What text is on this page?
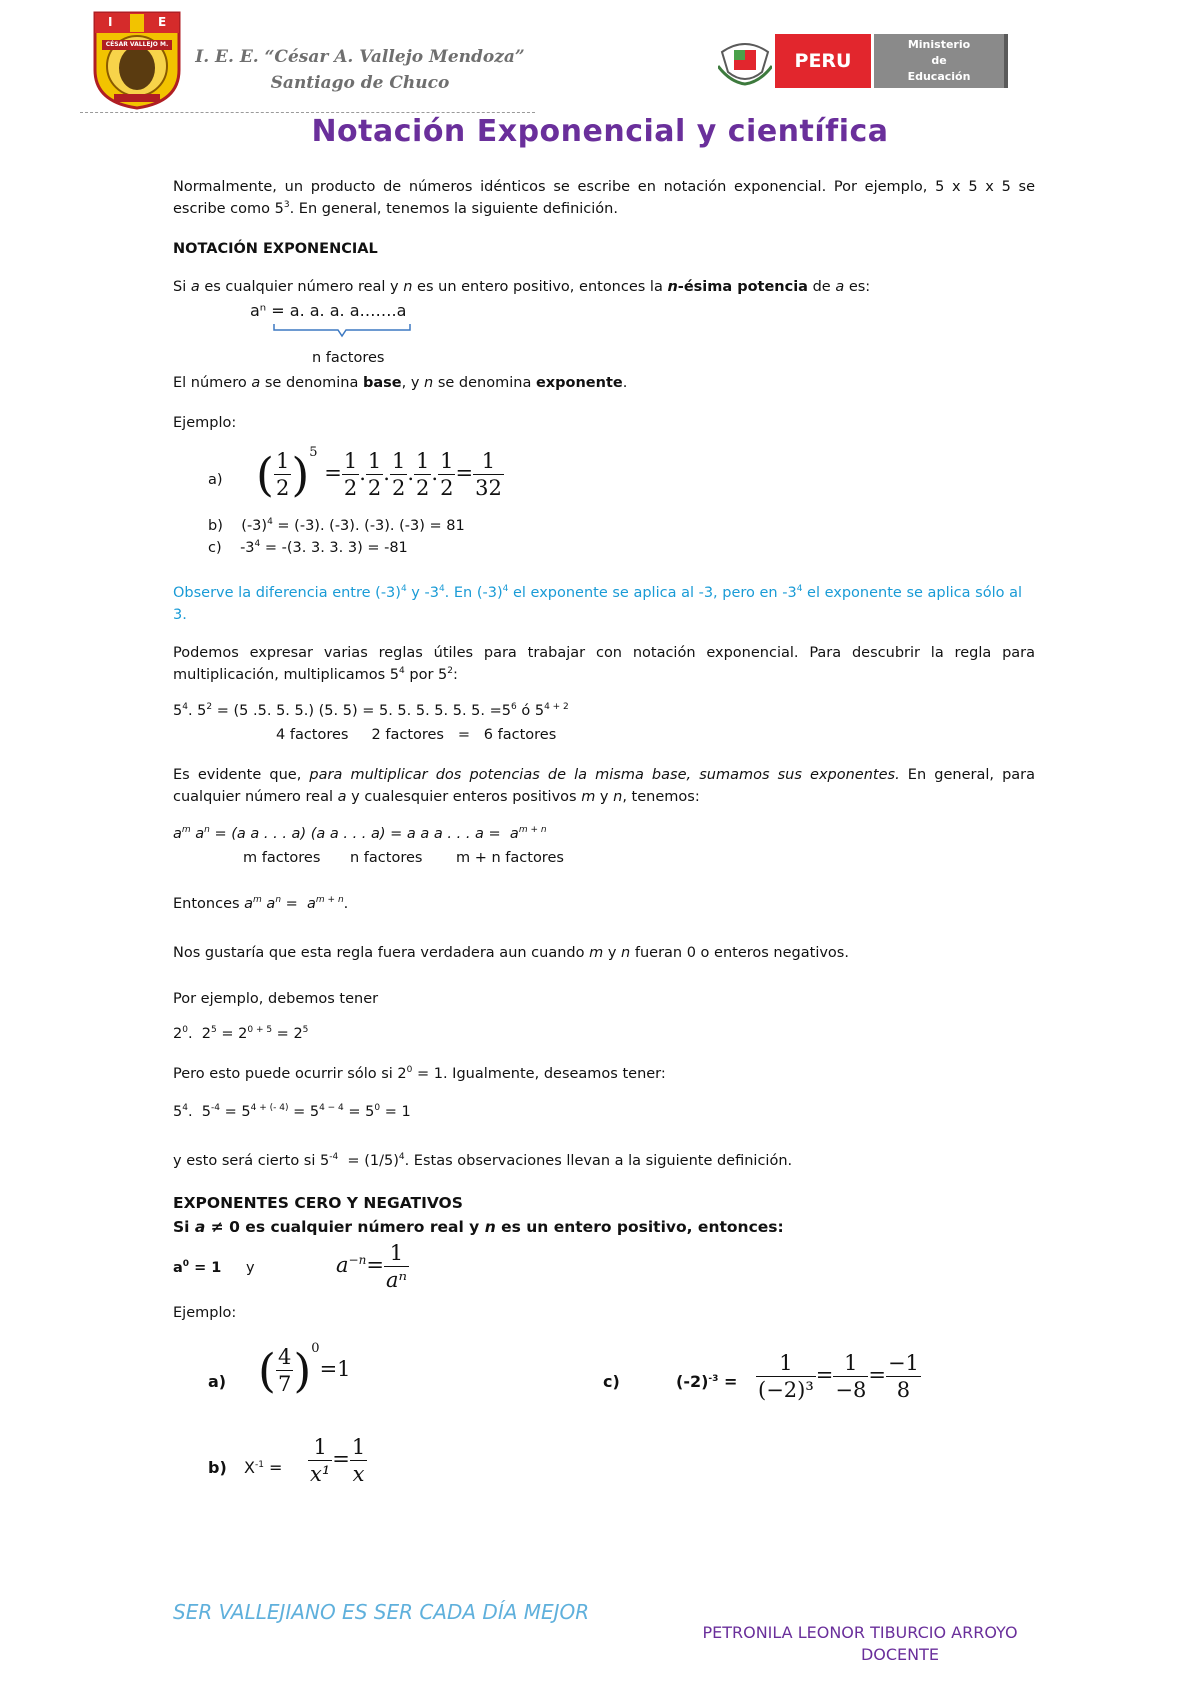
I	E
CÉSAR VALLEJO M.
I. E. E. “César A. Vallejo Mendoza”
Santiago de Chuco
PERU
Ministerio de Educación
Notación Exponencial y científica

Normalmente, un producto de números idénticos se escribe en notación exponencial. Por ejemplo, 5 x 5 x 5 se escribe como $5^3$. En general, tenemos la siguiente definición.

NOTACIÓN EXPONENCIAL

Si a es cualquier número real y n es un entero positivo, entonces la n-ésima potencia de a es:

aⁿ = a. a. a. a…….a
n factores

El número a se denomina base, y n se denomina exponente.

Ejemplo:
a) ( $\frac{1}{2} )^5 = \frac{1}{2}$ . $\frac{1}{2}$ . $\frac{1}{2}$ . $\frac{1}{2}$ . $\frac{1}{2} = \frac{1}{32}$
b)    $(-3)^4 = (-3)$. (-3). (-3). (-3) = 81
c)    $-3^4 = -(3$. 3. 3. 3) = -81

Observe la diferencia entre $(-3)^4$ y $-3^4$. En $(-3)^4$ el exponente se aplica al -3, pero en $-3^4$ el exponente se aplica sólo al 3.

Podemos expresar varias reglas útiles para trabajar con notación exponencial. Para descubrir la regla para multiplicación, multiplicamos $5^4$ por $5^2$:

$5^4$. $5^2 = (5$ .5. 5. 5.) (5. 5) = 5. 5. 5. 5. 5. 5. $=5^6$ ó $5^{4 + 2}$
4 factores     2 factores   =   6 factores

Es evidente que, para multiplicar dos potencias de la misma base, sumamos sus exponentes. En general, para cualquier número real a y cualesquier enteros positivos m y n, tenemos:

$a^m$ $a^n = (a$ a . . . a) (a a . . . a) = a a a . . . $a = a^{m + n}$
m factores n factores m + n factores
Entonces $a^m$ $a^n = a^{m + n}$.

Nos gustaría que esta regla fuera verdadera aun cuando m y n fueran 0 o enteros negativos.

Por ejemplo, debemos tener
$2^0$.  $2^5 = 2^{0 + 5} = 2^5$
Pero esto puede ocurrir sólo si $2^0 = 1$. Igualmente, deseamos tener:
$5^4$.  $5^{-4} = 5^{4 + (- 4)} = 5^{4 - 4} = 5^0 = 1$
y esto será cierto si $5^{-4} = (1/5)^4$. Estas observaciones llevan a la siguiente definición.
EXPONENTES CERO Y NEGATIVOS
Si a ≠ 0 es cualquier número real y n es un entero positivo, entonces:
$a^0 = 1$ y	$a^{-n}= \frac{1}{\text{aⁿ}}$
Ejemplo:
a) ( $\frac{4}{7} )^0=1$
c)	$(-2)^{-3} = \frac{1}{\text{(−2)³}} = \frac{1}{-8} = \frac{-1}{8}$
b) $X^{-1} = \frac{1}{\text{x¹}} = \frac{1}{x}$
SER VALLEJIANO ES SER CADA DÍA MEJOR
PETRONILA LEONOR TIBURCIO ARROYO
DOCENTE
